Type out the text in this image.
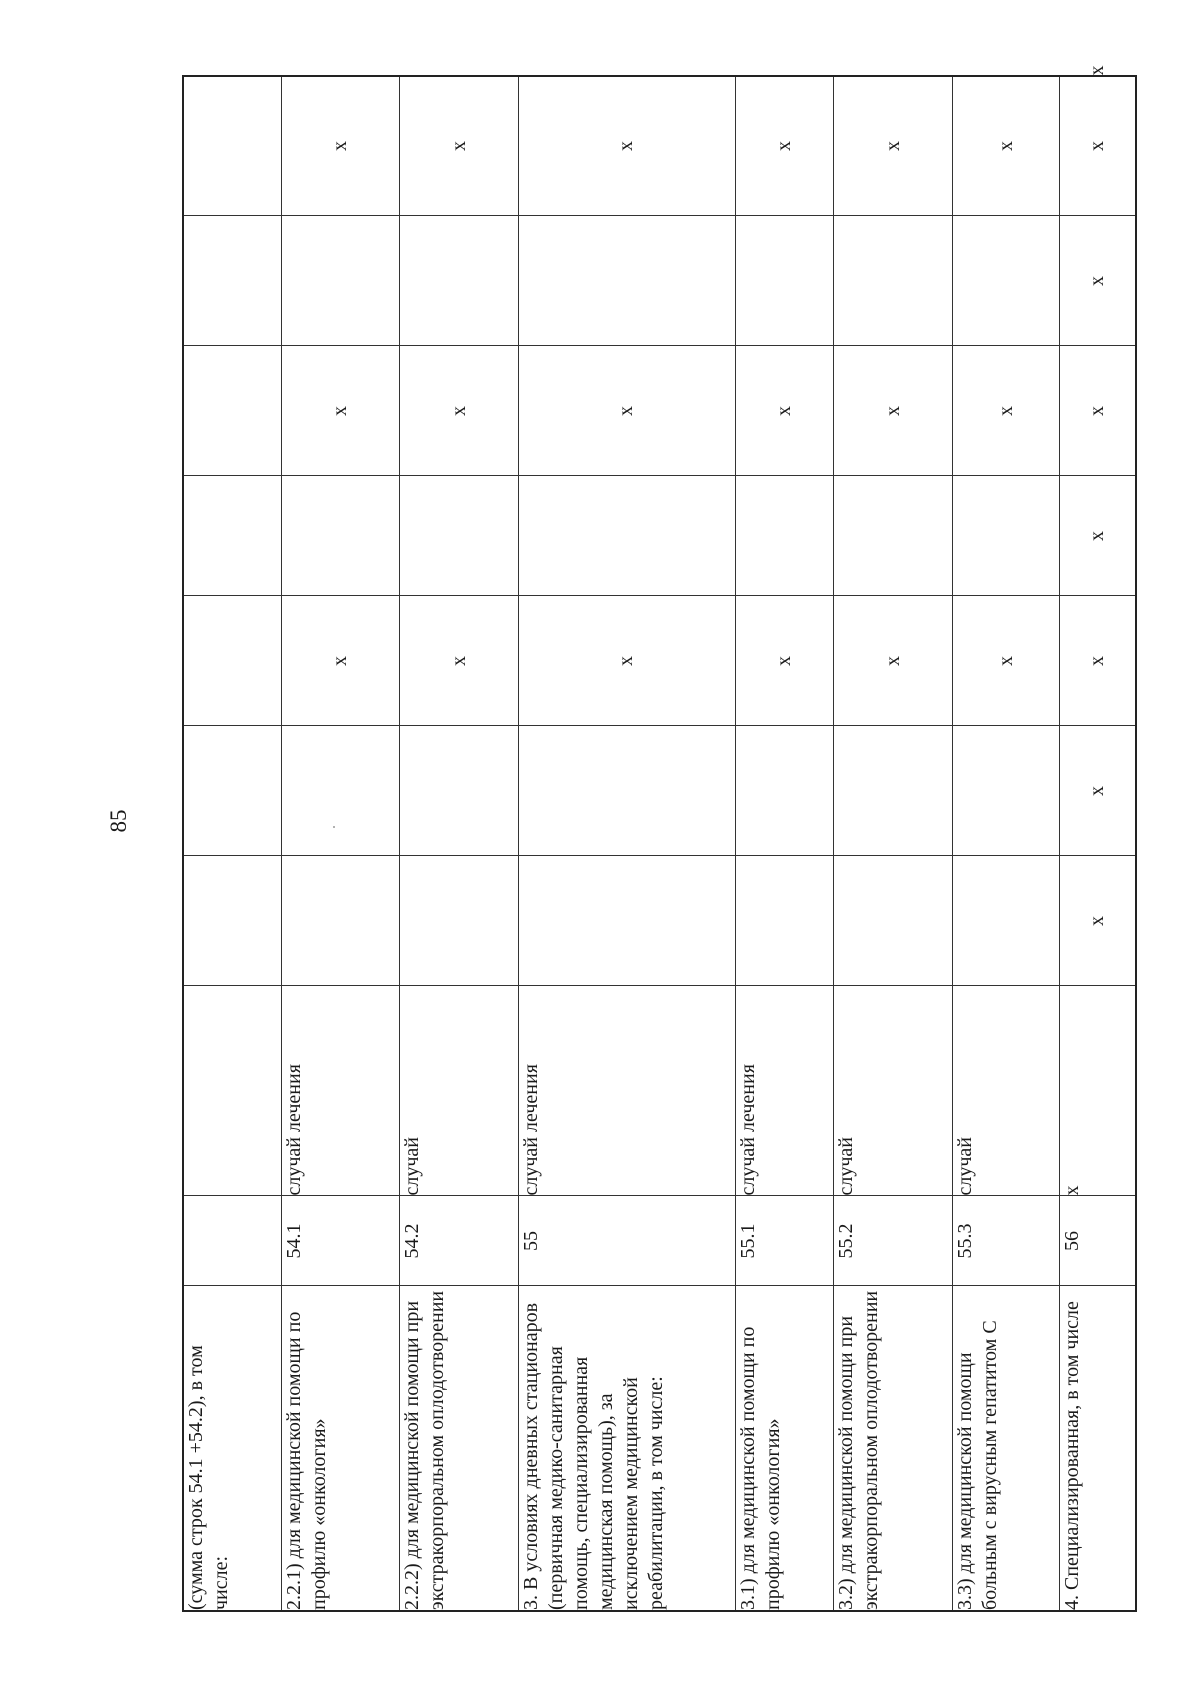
85
(сумма строк 54.1 +54.2), в том числе:										
2.2.1) для медицинской помощи по профилю «онкология»	54.1	случай лечения			х		х		х	
2.2.2) для медицинской помощи при экстракорпоральном оплодотворении	54.2	случай			х		х		х	
3. В условиях дневных стационаров (первичная медико-санитарная помощь, специализированная медицинская помощь), за исключением медицинской реабилитации, в том числе:	55	случай лечения			х		х		х	
3.1) для медицинской помощи по профилю «онкология»	55.1	случай лечения			х		х		х	
3.2) для медицинской помощи при экстракорпоральном оплодотворении	55.2	случай			х		х		х	
3.3) для медицинской помощи больным с вирусным гепатитом С	55.3	случай			х		х		х	
4. Специализированная, в том числе	56	х	х	х	х	х	х	х	х	х
